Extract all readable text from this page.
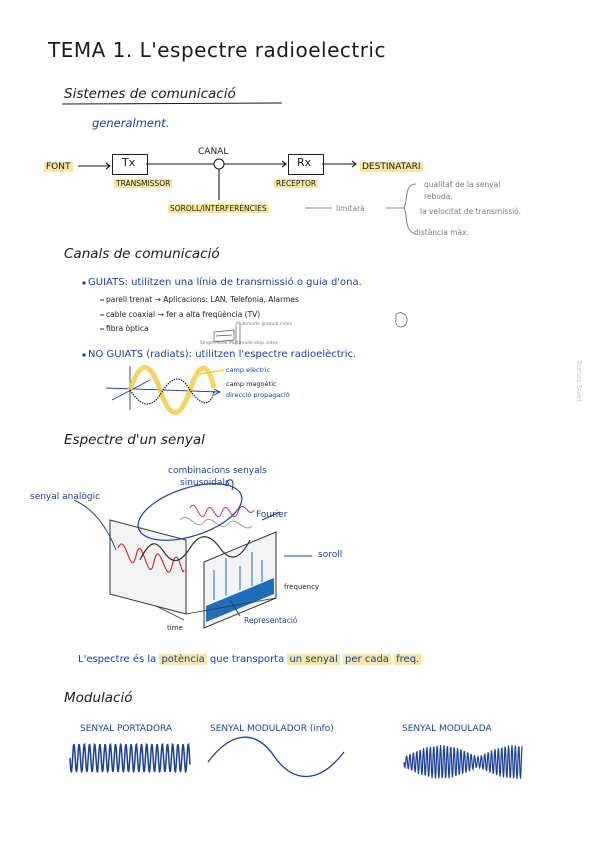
TEMA 1. L'espectre radioelectric
Sistemes de comunicació
generalment.
FONT	Tx
CANAL
Rx	DESTINATARI
TRANSMISSOR	RECEPTOR
SOROLL/INTERFERÈNCIES	limitarà
qualitat de la senyal
rebuda.
la velocitat de transmissió.
distància màx.
Canals de comunicació
GUIATS: utilitzen una línia de transmissió o guia d'ona.
parell trenat → Aplicacions: LAN, Telefonia, Alarmes
cable coaxial → fer a alta freqüència (TV)
fibra òptica	Multimode gradual index
Multimode step index
Single Mode
NO GUIATS (radiats): utilitzen l'espectre radioelèctric.
camp elèctric
camp magnètic
direcció propagació
Espectre d'un senyal
combinacions senyals
sinusoidals
senyal analògic
Fourier
soroll
Representació
time
frequency
L'espectre és la potència que transporta un senyal per cada freq.
Modulació
SENYAL PORTADORA	SENYAL MODULADOR (info)	SENYAL MODULADA
Tomas Soler
